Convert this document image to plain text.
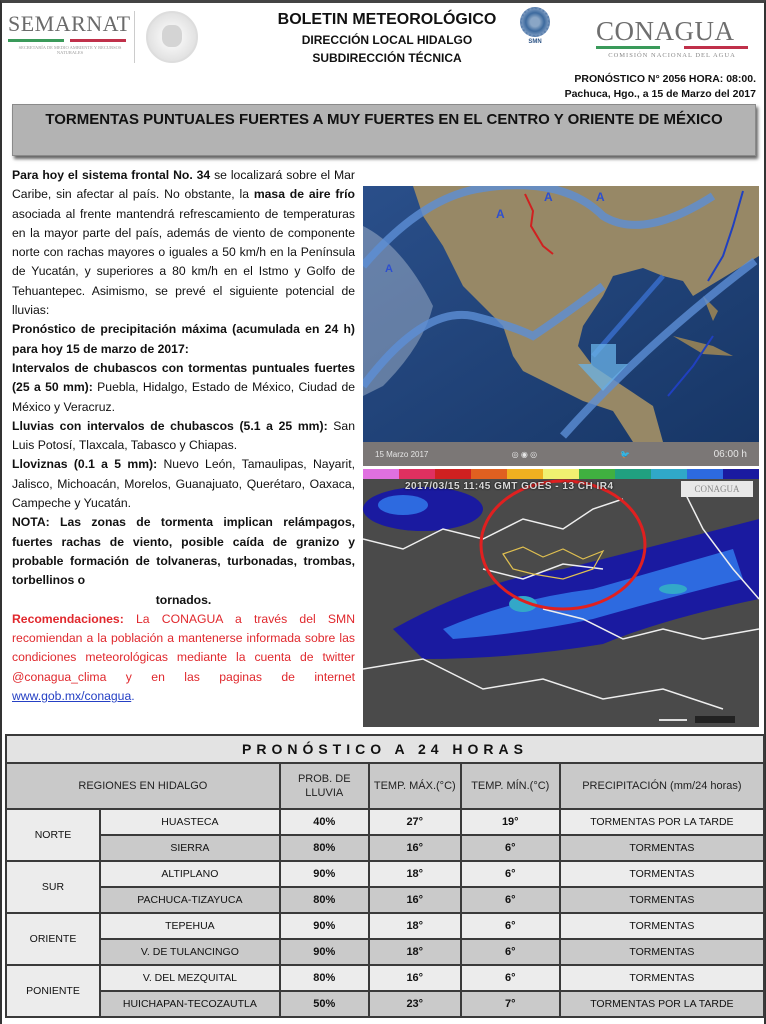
SEMARNAT
SECRETARÍA DE MEDIO AMBIENTE Y RECURSOS NATURALES
BOLETIN METEOROLÓGICO
DIRECCIÓN LOCAL HIDALGO
SUBDIRECCIÓN TÉCNICA
SMN	CONAGUA
COMISIÓN NACIONAL DEL AGUA
PRONÓSTICO N° 2056 HORA: 08:00.
Pachuca, Hgo., a 15 de Marzo del 2017
TORMENTAS PUNTUALES FUERTES A MUY FUERTES EN EL CENTRO Y ORIENTE DE MÉXICO

Para hoy el sistema frontal No. 34 se localizará sobre el Mar Caribe, sin afectar al país. No obstante, la masa de aire frío asociada al frente mantendrá refrescamiento de temperaturas en la mayor parte del país, además de viento de componente norte con rachas mayores o iguales a 50 km/h en la Península de Yucatán, y superiores a 80 km/h en el Istmo y Golfo de Tehuantepec. Asimismo, se prevé el siguiente potencial de lluvias:

Pronóstico de precipitación máxima (acumulada en 24 h) para hoy 15 de marzo de 2017:

Intervalos de chubascos con tormentas puntuales fuertes (25 a 50 mm): Puebla, Hidalgo, Estado de México, Ciudad de México y Veracruz.

Lluvias con intervalos de chubascos (5.1 a 25 mm): San Luis Potosí, Tlaxcala, Tabasco y Chiapas.

Lloviznas (0.1 a 5 mm): Nuevo León, Tamaulipas, Nayarit, Jalisco, Michoacán, Morelos, Guanajuato, Querétaro, Oaxaca, Campeche y Yucatán.

NOTA: Las zonas de tormenta implican relámpagos, fuertes rachas de viento, posible caída de granizo y probable formación de tolvaneras, turbonadas, trombas, torbellinos o

tornados.

Recomendaciones: La CONAGUA a través del SMN recomiendan a la población a mantenerse informada sobre las condiciones meteorológicas mediante la cuenta de twitter @conagua_clima y en las paginas de internet www.gob.mx/conagua.

A
A	A
A
15 Marzo 2017	◎ ◉ ◎	🐦	06:00 h
2017/03/15 11:45 GMT GOES - 13 CH IR4	CONAGUA

PRONÓSTICO A 24 HORAS					
REGIONES EN HIDALGO		PROB. DE LLUVIA	TEMP. MÁX.(°C)	TEMP. MÍN.(°C)	PRECIPITACIÓN (mm/24 horas)
NORTE	HUASTECA	40%	27°	19°	TORMENTAS POR LA TARDE
	SIERRA	80%	16°	6°	TORMENTAS
SUR	ALTIPLANO	90%	18°	6°	TORMENTAS
	PACHUCA-TIZAYUCA	80%	16°	6°	TORMENTAS
ORIENTE	TEPEHUA	90%	18°	6°	TORMENTAS
	V. DE TULANCINGO	90%	18°	6°	TORMENTAS
PONIENTE	V. DEL MEZQUITAL	80%	16°	6°	TORMENTAS
	HUICHAPAN-TECOZAUTLA	50%	23°	7°	TORMENTAS POR LA TARDE
